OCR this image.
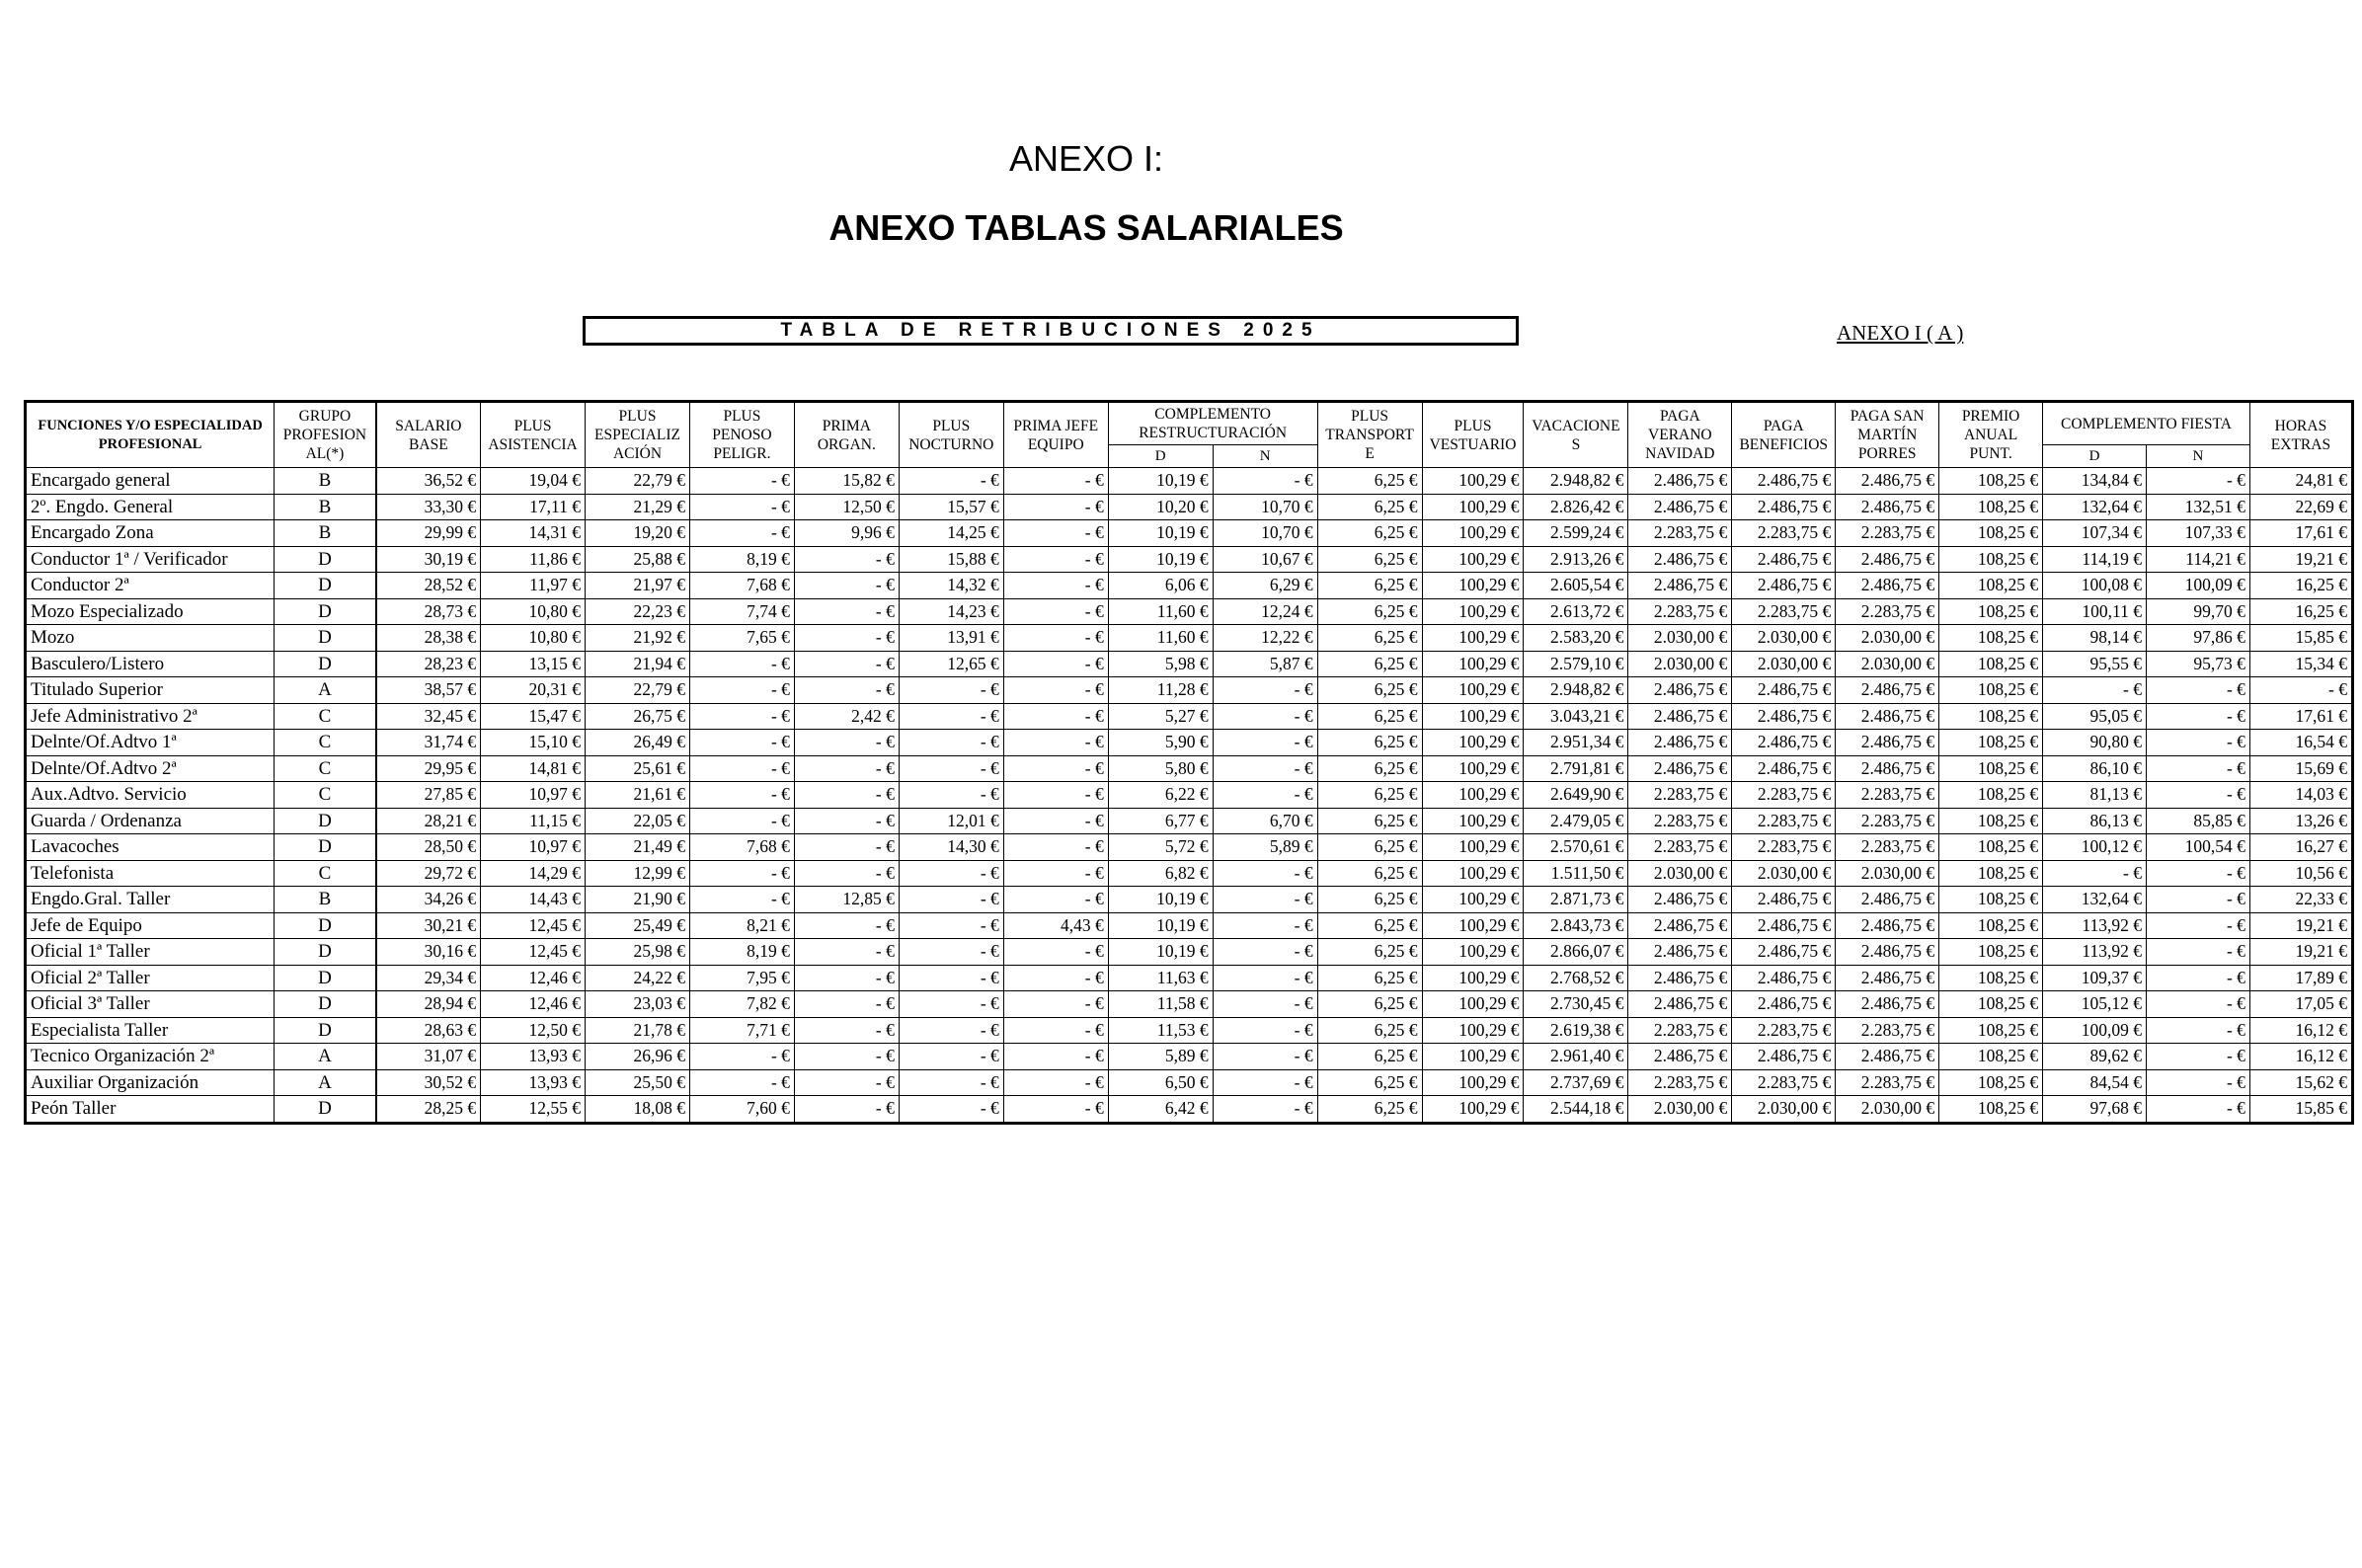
ANEXO I:
ANEXO TABLAS SALARIALES
TABLA DE RETRIBUCIONES 2025	ANEXO I ( A )
FUNCIONES Y/O ESPECIALIDAD PROFESIONAL	GRUPO PROFESION AL(*)	SALARIO BASE	PLUS ASISTENCIA	PLUS ESPECIALIZ ACIÓN	PLUS PENOSO PELIGR.	PRIMA ORGAN.	PLUS NOCTURNO	PRIMA JEFE EQUIPO	COMPLEMENTO RESTRUCTURACIÓN		PLUS TRANSPORT E	PLUS VESTUARIO	VACACIONE S	PAGA VERANO NAVIDAD	PAGA BENEFICIOS	PAGA SAN MARTÍN PORRES	PREMIO ANUAL PUNT.	COMPLEMENTO FIESTA		HORAS EXTRAS
									D	N								D	N	
Encargado general	B	36,52 €	19,04 €	22,79 €	- €	15,82 €	- €	- €	10,19 €	- €	6,25 €	100,29 €	2.948,82 €	2.486,75 €	2.486,75 €	2.486,75 €	108,25 €	134,84 €	- €	24,81 €
2º. Engdo. General	B	33,30 €	17,11 €	21,29 €	- €	12,50 €	15,57 €	- €	10,20 €	10,70 €	6,25 €	100,29 €	2.826,42 €	2.486,75 €	2.486,75 €	2.486,75 €	108,25 €	132,64 €	132,51 €	22,69 €
Encargado Zona	B	29,99 €	14,31 €	19,20 €	- €	9,96 €	14,25 €	- €	10,19 €	10,70 €	6,25 €	100,29 €	2.599,24 €	2.283,75 €	2.283,75 €	2.283,75 €	108,25 €	107,34 €	107,33 €	17,61 €
Conductor 1ª / Verificador	D	30,19 €	11,86 €	25,88 €	8,19 €	- €	15,88 €	- €	10,19 €	10,67 €	6,25 €	100,29 €	2.913,26 €	2.486,75 €	2.486,75 €	2.486,75 €	108,25 €	114,19 €	114,21 €	19,21 €
Conductor 2ª	D	28,52 €	11,97 €	21,97 €	7,68 €	- €	14,32 €	- €	6,06 €	6,29 €	6,25 €	100,29 €	2.605,54 €	2.486,75 €	2.486,75 €	2.486,75 €	108,25 €	100,08 €	100,09 €	16,25 €
Mozo Especializado	D	28,73 €	10,80 €	22,23 €	7,74 €	- €	14,23 €	- €	11,60 €	12,24 €	6,25 €	100,29 €	2.613,72 €	2.283,75 €	2.283,75 €	2.283,75 €	108,25 €	100,11 €	99,70 €	16,25 €
Mozo	D	28,38 €	10,80 €	21,92 €	7,65 €	- €	13,91 €	- €	11,60 €	12,22 €	6,25 €	100,29 €	2.583,20 €	2.030,00 €	2.030,00 €	2.030,00 €	108,25 €	98,14 €	97,86 €	15,85 €
Basculero/Listero	D	28,23 €	13,15 €	21,94 €	- €	- €	12,65 €	- €	5,98 €	5,87 €	6,25 €	100,29 €	2.579,10 €	2.030,00 €	2.030,00 €	2.030,00 €	108,25 €	95,55 €	95,73 €	15,34 €
Titulado Superior	A	38,57 €	20,31 €	22,79 €	- €	- €	- €	- €	11,28 €	- €	6,25 €	100,29 €	2.948,82 €	2.486,75 €	2.486,75 €	2.486,75 €	108,25 €	- €	- €	- €
Jefe Administrativo 2ª	C	32,45 €	15,47 €	26,75 €	- €	2,42 €	- €	- €	5,27 €	- €	6,25 €	100,29 €	3.043,21 €	2.486,75 €	2.486,75 €	2.486,75 €	108,25 €	95,05 €	- €	17,61 €
Delnte/Of.Adtvo 1ª	C	31,74 €	15,10 €	26,49 €	- €	- €	- €	- €	5,90 €	- €	6,25 €	100,29 €	2.951,34 €	2.486,75 €	2.486,75 €	2.486,75 €	108,25 €	90,80 €	- €	16,54 €
Delnte/Of.Adtvo 2ª	C	29,95 €	14,81 €	25,61 €	- €	- €	- €	- €	5,80 €	- €	6,25 €	100,29 €	2.791,81 €	2.486,75 €	2.486,75 €	2.486,75 €	108,25 €	86,10 €	- €	15,69 €
Aux.Adtvo. Servicio	C	27,85 €	10,97 €	21,61 €	- €	- €	- €	- €	6,22 €	- €	6,25 €	100,29 €	2.649,90 €	2.283,75 €	2.283,75 €	2.283,75 €	108,25 €	81,13 €	- €	14,03 €
Guarda / Ordenanza	D	28,21 €	11,15 €	22,05 €	- €	- €	12,01 €	- €	6,77 €	6,70 €	6,25 €	100,29 €	2.479,05 €	2.283,75 €	2.283,75 €	2.283,75 €	108,25 €	86,13 €	85,85 €	13,26 €
Lavacoches	D	28,50 €	10,97 €	21,49 €	7,68 €	- €	14,30 €	- €	5,72 €	5,89 €	6,25 €	100,29 €	2.570,61 €	2.283,75 €	2.283,75 €	2.283,75 €	108,25 €	100,12 €	100,54 €	16,27 €
Telefonista	C	29,72 €	14,29 €	12,99 €	- €	- €	- €	- €	6,82 €	- €	6,25 €	100,29 €	1.511,50 €	2.030,00 €	2.030,00 €	2.030,00 €	108,25 €	- €	- €	10,56 €
Engdo.Gral. Taller	B	34,26 €	14,43 €	21,90 €	- €	12,85 €	- €	- €	10,19 €	- €	6,25 €	100,29 €	2.871,73 €	2.486,75 €	2.486,75 €	2.486,75 €	108,25 €	132,64 €	- €	22,33 €
Jefe de Equipo	D	30,21 €	12,45 €	25,49 €	8,21 €	- €	- €	4,43 €	10,19 €	- €	6,25 €	100,29 €	2.843,73 €	2.486,75 €	2.486,75 €	2.486,75 €	108,25 €	113,92 €	- €	19,21 €
Oficial 1ª Taller	D	30,16 €	12,45 €	25,98 €	8,19 €	- €	- €	- €	10,19 €	- €	6,25 €	100,29 €	2.866,07 €	2.486,75 €	2.486,75 €	2.486,75 €	108,25 €	113,92 €	- €	19,21 €
Oficial 2ª Taller	D	29,34 €	12,46 €	24,22 €	7,95 €	- €	- €	- €	11,63 €	- €	6,25 €	100,29 €	2.768,52 €	2.486,75 €	2.486,75 €	2.486,75 €	108,25 €	109,37 €	- €	17,89 €
Oficial 3ª Taller	D	28,94 €	12,46 €	23,03 €	7,82 €	- €	- €	- €	11,58 €	- €	6,25 €	100,29 €	2.730,45 €	2.486,75 €	2.486,75 €	2.486,75 €	108,25 €	105,12 €	- €	17,05 €
Especialista Taller	D	28,63 €	12,50 €	21,78 €	7,71 €	- €	- €	- €	11,53 €	- €	6,25 €	100,29 €	2.619,38 €	2.283,75 €	2.283,75 €	2.283,75 €	108,25 €	100,09 €	- €	16,12 €
Tecnico Organización 2ª	A	31,07 €	13,93 €	26,96 €	- €	- €	- €	- €	5,89 €	- €	6,25 €	100,29 €	2.961,40 €	2.486,75 €	2.486,75 €	2.486,75 €	108,25 €	89,62 €	- €	16,12 €
Auxiliar Organización	A	30,52 €	13,93 €	25,50 €	- €	- €	- €	- €	6,50 €	- €	6,25 €	100,29 €	2.737,69 €	2.283,75 €	2.283,75 €	2.283,75 €	108,25 €	84,54 €	- €	15,62 €
Peón Taller	D	28,25 €	12,55 €	18,08 €	7,60 €	- €	- €	- €	6,42 €	- €	6,25 €	100,29 €	2.544,18 €	2.030,00 €	2.030,00 €	2.030,00 €	108,25 €	97,68 €	- €	15,85 €
